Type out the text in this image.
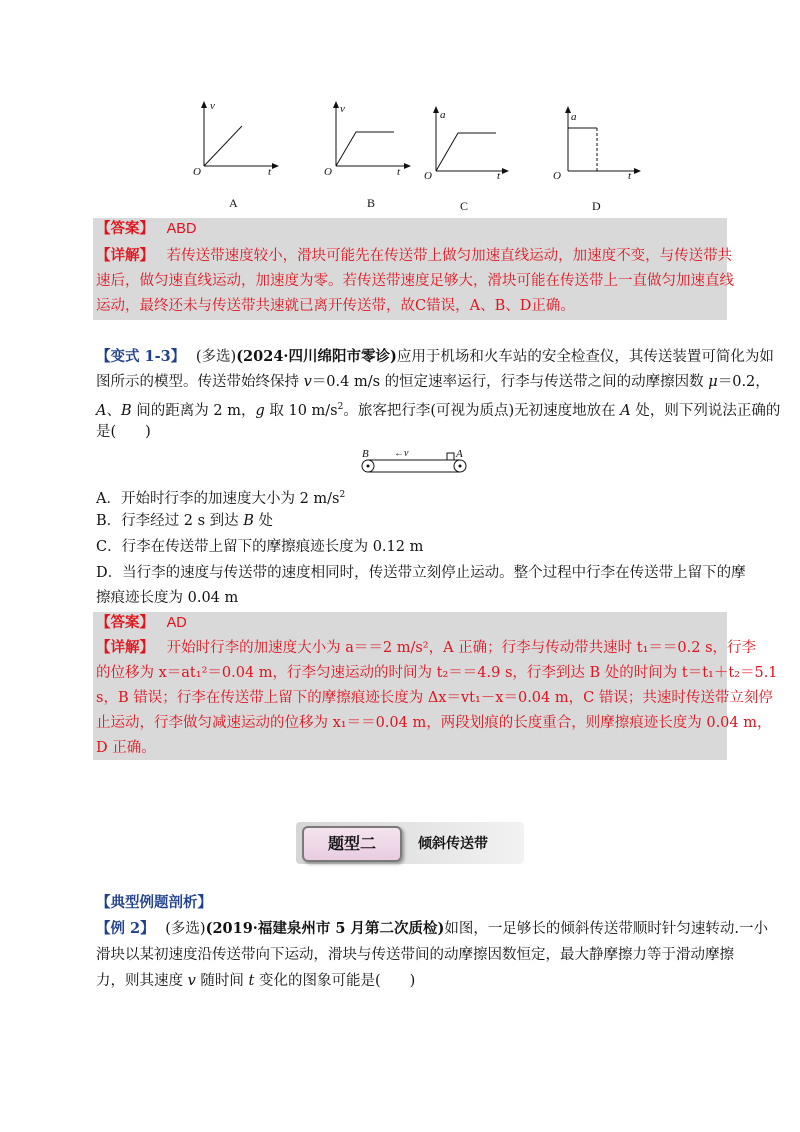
v
O	t
A
v
O	t
B
a
O	t
C
a
O	t
D
【答案】 ABD
【详解】 若传送带速度较小，滑块可能先在传送带上做匀加速直线运动，加速度不变，与传送带共
速后，做匀速直线运动，加速度为零。若传送带速度足够大，滑块可能在传送带上一直做匀加速直线
运动，最终还未与传送带共速就已离开传送带，故C错误，A、B、D正确。
【变式 1-3】 (多选)(2024·四川绵阳市零诊)应用于机场和火车站的安全检查仪，其传送装置可简化为如
图所示的模型。传送带始终保持 v＝0.4 m/s 的恒定速率运行，行李与传送带之间的动摩擦因数 μ＝0.2，
A、B 间的距离为 2 m，g 取 10 $m/s^2$。旅客把行李(可视为质点)无初速度地放在 A 处，则下列说法正确的
是(　　)
B	←v	A
A．开始时行李的加速度大小为 2 $m/s^2$
B．行李经过 2 s 到达 B 处
C．行李在传送带上留下的摩擦痕迹长度为 0.12 m
D．当行李的速度与传送带的速度相同时，传送带立刻停止运动。整个过程中行李在传送带上留下的摩
擦痕迹长度为 0.04 m
【答案】 AD
【详解】 开始时行李的加速度大小为 a＝＝2 m/s²，A 正确；行李与传动带共速时 t₁＝＝0.2 s，行李
的位移为 x＝at₁²＝0.04 m，行李匀速运动的时间为 t₂＝＝4.9 s，行李到达 B 处的时间为 t＝t₁＋t₂＝5.1
s，B 错误；行李在传送带上留下的摩擦痕迹长度为 Δx＝vt₁－x＝0.04 m，C 错误；共速时传送带立刻停
止运动，行李做匀减速运动的位移为 x₁＝＝0.04 m，两段划痕的长度重合，则摩擦痕迹长度为 0.04 m，
D 正确。
题型二	倾斜传送带
【典型例题剖析】
【例 2】 (多选)(2019·福建泉州市 5 月第二次质检)如图，一足够长的倾斜传送带顺时针匀速转动.一小
滑块以某初速度沿传送带向下运动，滑块与传送带间的动摩擦因数恒定，最大静摩擦力等于滑动摩擦
力，则其速度 v 随时间 t 变化的图象可能是(　　)
